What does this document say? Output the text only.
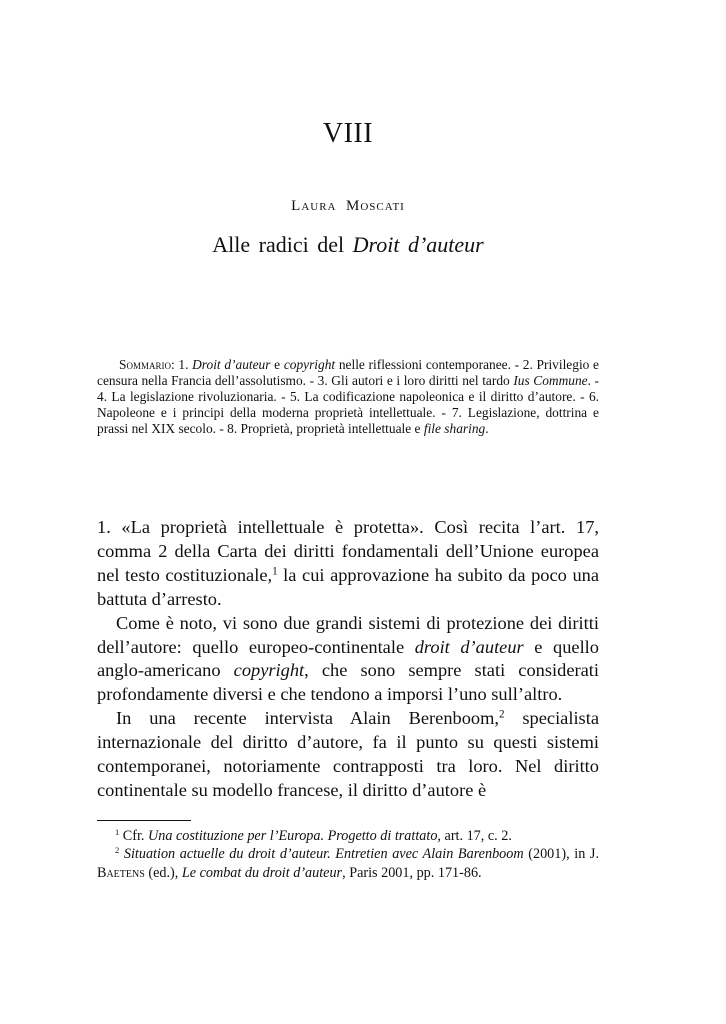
VIII
Laura Moscati
Alle radici del Droit d’auteur

Sommario: 1. Droit d’auteur e copyright nelle riflessioni contemporanee. - 2. Privilegio e censura nella Francia dell’assolutismo. - 3. Gli autori e i loro diritti nel tardo Ius Commune. - 4. La legislazione rivoluzionaria. - 5. La codificazione napoleonica e il diritto d’autore. - 6. Napoleone e i principi della moderna proprietà intellettuale. - 7. Legislazione, dottrina e prassi nel XIX secolo. - 8. Proprietà, proprietà intellettuale e file sharing.

1. «La proprietà intellettuale è protetta». Così recita l’art. 17, comma 2 della Carta dei diritti fondamentali dell’Unione europea nel testo costituzionale,$^1$ la cui approvazione ha subito da poco una battuta d’arresto.

Come è noto, vi sono due grandi sistemi di protezione dei diritti dell’autore: quello europeo-continentale droit d’auteur e quello anglo-americano copyright, che sono sempre stati considerati profondamente diversi e che tendono a imporsi l’uno sull’altro.

In una recente intervista Alain Berenboom,$^2$ specialista internazionale del diritto d’autore, fa il punto su questi sistemi contemporanei, notoriamente contrapposti tra loro. Nel diritto continentale su modello francese, il diritto d’autore è

$^1$ Cfr. Una costituzione per l’Europa. Progetto di trattato, art. 17, c. 2.

$^2$ Situation actuelle du droit d’auteur. Entretien avec Alain Barenboom (2001), in J. Baetens (ed.), Le combat du droit d’auteur, Paris 2001, pp. 171-86.
